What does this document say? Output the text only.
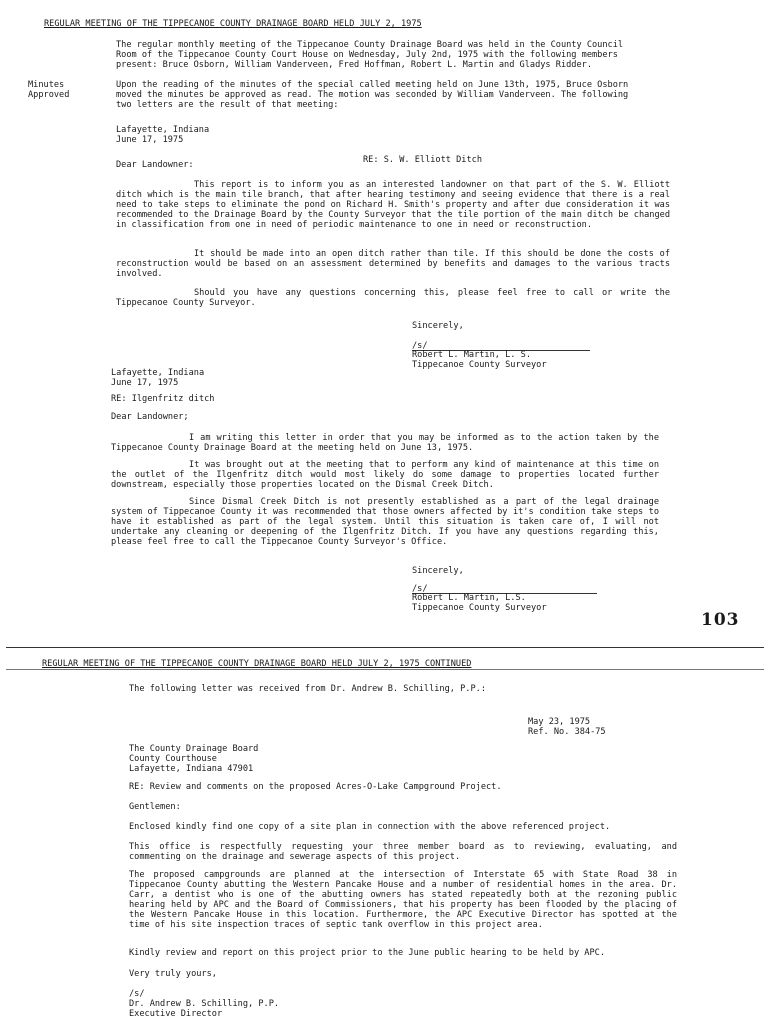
REGULAR MEETING OF THE TIPPECANOE COUNTY DRAINAGE BOARD HELD JULY 2, 1975
The regular monthly meeting of the Tippecanoe County Drainage Board was held in the County Council
Room of the Tippecanoe County Court House on Wednesday, July 2nd, 1975 with the following members
present: Bruce Osborn, William Vanderveen, Fred Hoffman, Robert L. Martin and Gladys Ridder.
Minutes
Approved
Upon the reading of the minutes of the special called meeting held on June 13th, 1975, Bruce Osborn
moved the minutes be approved as read. The motion was seconded by William Vanderveen. The following
two letters are the result of that meeting:
Lafayette, Indiana
June 17, 1975
RE: S. W. Elliott Ditch
Dear Landowner:
This report is to inform you as an interested landowner on that part of the S. W. Elliott ditch which is the main tile branch, that after hearing testimony and seeing evidence that there is a real need to take steps to eliminate the pond on Richard H. Smith's property and after due consideration it was recommended to the Drainage Board by the County Surveyor that the tile portion of the main ditch be changed in classification from one in need of periodic maintenance to one in need or reconstruction.
It should be made into an open ditch rather than tile. If this should be done the costs of reconstruction would be based on an assessment determined by benefits and damages to the various tracts involved.
Should you have any questions concerning this, please feel free to call or write the Tippecanoe County Surveyor.
Sincerely,
/s/
Robert L. Martin, L. S.
Tippecanoe County Surveyor
Lafayette, Indiana
June 17, 1975
RE: Ilgenfritz ditch
Dear Landowner;
I am writing this letter in order that you may be informed as to the action taken by the Tippecanoe County Drainage Board at the meeting held on June 13, 1975.
It was brought out at the meeting that to perform any kind of maintenance at this time on the outlet of the Ilgenfritz ditch would most likely do some damage to properties located further downstream, especially those properties located on the Dismal Creek Ditch.
Since Dismal Creek Ditch is not presently established as a part of the legal drainage system of Tippecanoe County it was recommended that those owners affected by it's condition take steps to have it established as part of the legal system. Until this situation is taken care of, I will not undertake any cleaning or deepening of the Ilgenfritz Ditch. If you have any questions regarding this, please feel free to call the Tippecanoe County Surveyor's Office.
Sincerely,
/s/
Robert L. Martin, L.S.
Tippecanoe County Surveyor
103
REGULAR MEETING OF THE TIPPECANOE COUNTY DRAINAGE BOARD HELD JULY 2, 1975 CONTINUED
The following letter was received from Dr. Andrew B. Schilling, P.P.:
May 23, 1975
Ref. No. 384-75
The County Drainage Board
County Courthouse
Lafayette, Indiana 47901
RE: Review and comments on the proposed Acres-O-Lake Campground Project.
Gentlemen:
Enclosed kindly find one copy of a site plan in connection with the above referenced project.
This office is respectfully requesting your three member board as to reviewing, evaluating, and commenting on the drainage and sewerage aspects of this project.
The proposed campgrounds are planned at the intersection of Interstate 65 with State Road 38 in Tippecanoe County abutting the Western Pancake House and a number of residential homes in the area. Dr. Carr, a dentist who is one of the abutting owners has stated repeatedly both at the rezoning public hearing held by APC and the Board of Commissioners, that his property has been flooded by the placing of the Western Pancake House in this location. Furthermore, the APC Executive Director has spotted at the time of his site inspection traces of septic tank overflow in this project area.
Kindly review and report on this project prior to the June public hearing to be held by APC.
Very truly yours,
/s/
Dr. Andrew B. Schilling, P.P.
Executive Director
